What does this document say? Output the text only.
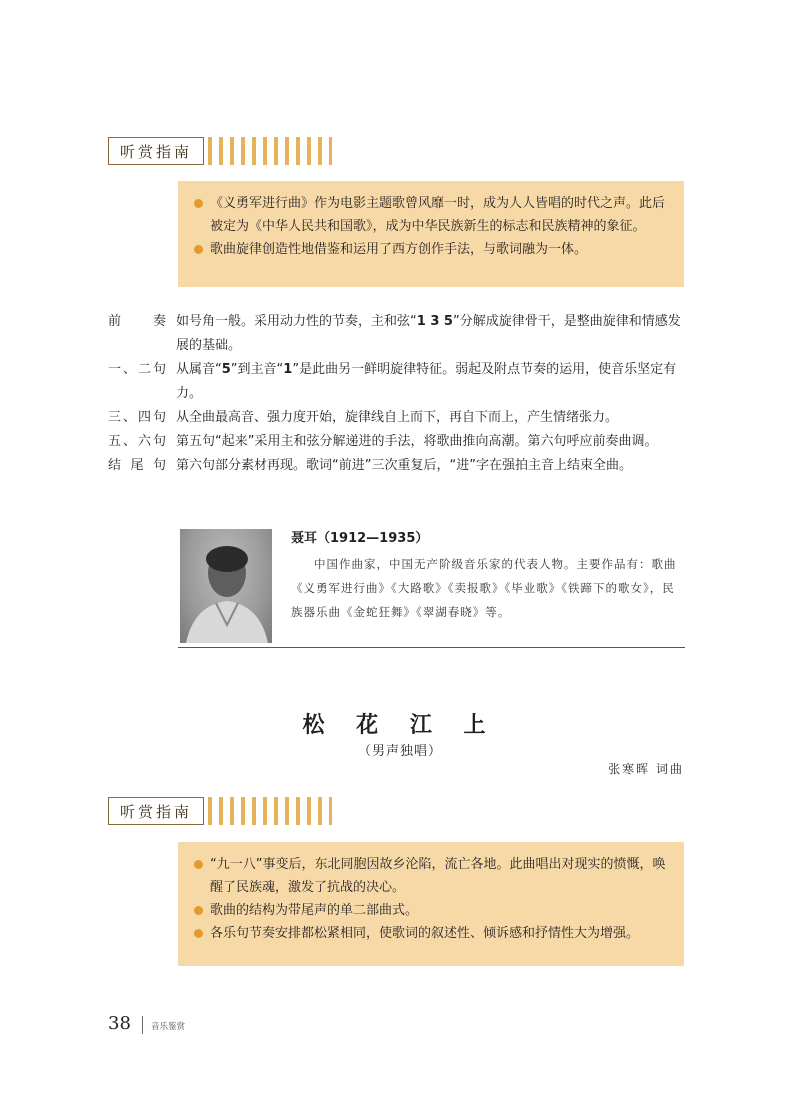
听赏指南
《义勇军进行曲》作为电影主题歌曾风靡一时，成为人人皆唱的时代之声。此后被定为《中华人民共和国歌》，成为中华民族新生的标志和民族精神的象征。
歌曲旋律创造性地借鉴和运用了西方创作手法，与歌词融为一体。
前 奏 如号角一般。采用动力性的节奏，主和弦“1 3 5”分解成旋律骨干，是整曲旋律和情感发展的基础。
一、二句 从属音“5”到主音“1”是此曲另一鲜明旋律特征。弱起及附点节奏的运用，使音乐坚定有力。
三、四句 从全曲最高音、强力度开始，旋律线自上而下，再自下而上，产生情绪张力。
五、六句 第五句“起来”采用主和弦分解递进的手法，将歌曲推向高潮。第六句呼应前奏曲调。
结 尾 句 第六句部分素材再现。歌词“前进”三次重复后，“进”字在强拍主音上结束全曲。
聂耳（1912—1935）
中国作曲家，中国无产阶级音乐家的代表人物。主要作品有：歌曲《义勇军进行曲》《大路歌》《卖报歌》《毕业歌》《铁蹄下的歌女》，民族器乐曲《金蛇狂舞》《翠湖春晓》等。
松 花 江 上
（男声独唱）
张寒晖 词曲
听赏指南
“九一八”事变后，东北同胞因故乡沦陷，流亡各地。此曲唱出对现实的愤慨，唤醒了民族魂，激发了抗战的决心。
歌曲的结构为带尾声的单二部曲式。
各乐句节奏安排都松紧相同，使歌词的叙述性、倾诉感和抒情性大为增强。
38 音乐鉴赏
